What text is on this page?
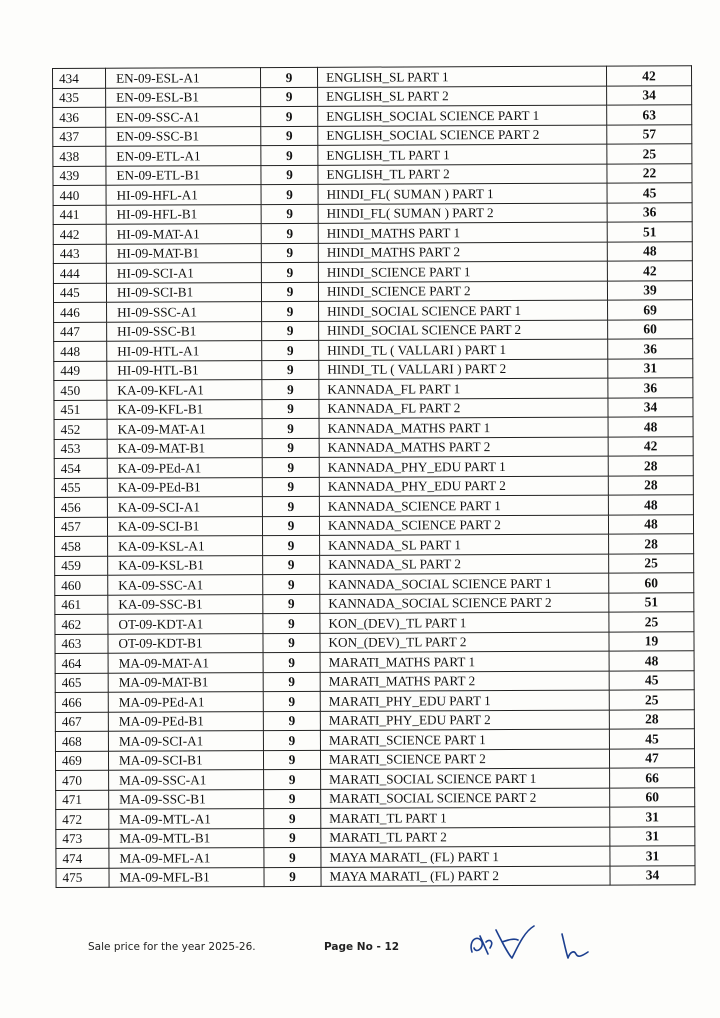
434	EN-09-ESL-A1	9	ENGLISH_SL PART 1	42
435	EN-09-ESL-B1	9	ENGLISH_SL PART 2	34
436	EN-09-SSC-A1	9	ENGLISH_SOCIAL SCIENCE PART 1	63
437	EN-09-SSC-B1	9	ENGLISH_SOCIAL SCIENCE PART 2	57
438	EN-09-ETL-A1	9	ENGLISH_TL PART 1	25
439	EN-09-ETL-B1	9	ENGLISH_TL PART 2	22
440	HI-09-HFL-A1	9	HINDI_FL( SUMAN ) PART 1	45
441	HI-09-HFL-B1	9	HINDI_FL( SUMAN ) PART 2	36
442	HI-09-MAT-A1	9	HINDI_MATHS PART 1	51
443	HI-09-MAT-B1	9	HINDI_MATHS PART 2	48
444	HI-09-SCI-A1	9	HINDI_SCIENCE PART 1	42
445	HI-09-SCI-B1	9	HINDI_SCIENCE PART 2	39
446	HI-09-SSC-A1	9	HINDI_SOCIAL SCIENCE PART 1	69
447	HI-09-SSC-B1	9	HINDI_SOCIAL SCIENCE PART 2	60
448	HI-09-HTL-A1	9	HINDI_TL ( VALLARI ) PART 1	36
449	HI-09-HTL-B1	9	HINDI_TL ( VALLARI ) PART 2	31
450	KA-09-KFL-A1	9	KANNADA_FL PART 1	36
451	KA-09-KFL-B1	9	KANNADA_FL PART 2	34
452	KA-09-MAT-A1	9	KANNADA_MATHS PART 1	48
453	KA-09-MAT-B1	9	KANNADA_MATHS PART 2	42
454	KA-09-PEd-A1	9	KANNADA_PHY_EDU PART 1	28
455	KA-09-PEd-B1	9	KANNADA_PHY_EDU PART 2	28
456	KA-09-SCI-A1	9	KANNADA_SCIENCE PART 1	48
457	KA-09-SCI-B1	9	KANNADA_SCIENCE PART 2	48
458	KA-09-KSL-A1	9	KANNADA_SL PART 1	28
459	KA-09-KSL-B1	9	KANNADA_SL PART 2	25
460	KA-09-SSC-A1	9	KANNADA_SOCIAL SCIENCE PART 1	60
461	KA-09-SSC-B1	9	KANNADA_SOCIAL SCIENCE PART 2	51
462	OT-09-KDT-A1	9	KON_(DEV)_TL PART 1	25
463	OT-09-KDT-B1	9	KON_(DEV)_TL PART 2	19
464	MA-09-MAT-A1	9	MARATI_MATHS PART 1	48
465	MA-09-MAT-B1	9	MARATI_MATHS PART 2	45
466	MA-09-PEd-A1	9	MARATI_PHY_EDU PART 1	25
467	MA-09-PEd-B1	9	MARATI_PHY_EDU PART 2	28
468	MA-09-SCI-A1	9	MARATI_SCIENCE PART 1	45
469	MA-09-SCI-B1	9	MARATI_SCIENCE PART 2	47
470	MA-09-SSC-A1	9	MARATI_SOCIAL SCIENCE PART 1	66
471	MA-09-SSC-B1	9	MARATI_SOCIAL SCIENCE PART 2	60
472	MA-09-MTL-A1	9	MARATI_TL PART 1	31
473	MA-09-MTL-B1	9	MARATI_TL PART 2	31
474	MA-09-MFL-A1	9	MAYA MARATI_ (FL) PART 1	31
475	MA-09-MFL-B1	9	MAYA MARATI_ (FL) PART 2	34
Sale price for the year 2025-26.	Page No - 12
